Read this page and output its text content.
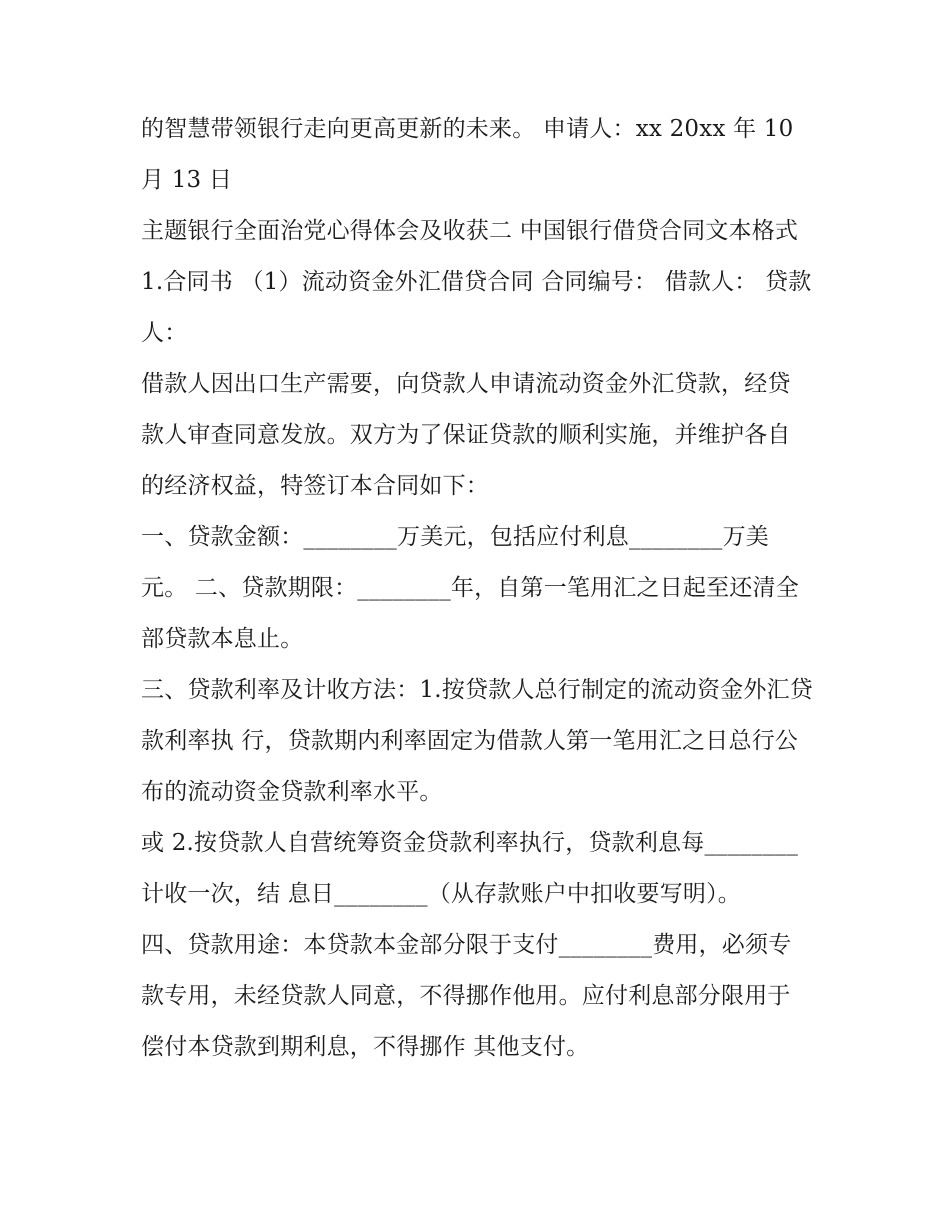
的智慧带领银行走向更高更新的未来。 申请人：xx 20xx 年 10 月 13 日

主题银行全面治党心得体会及收获二 中国银行借贷合同文本格式 1.合同书 （1）流动资金外汇借贷合同 合同编号： 借款人： 贷款人：

借款人因出口生产需要，向贷款人申请流动资金外汇贷款，经贷款人审查同意发放。双方为了保证贷款的顺利实施，并维护各自的经济权益，特签订本合同如下：

一、贷款金额：________万美元，包括应付利息________万美元。 二、贷款期限：________年，自第一笔用汇之日起至还清全部贷款本息止。

三、贷款利率及计收方法：1.按贷款人总行制定的流动资金外汇贷款利率执 行，贷款期内利率固定为借款人第一笔用汇之日总行公布的流动资金贷款利率水平。

或 2.按贷款人自营统筹资金贷款利率执行，贷款利息每________计收一次，结 息日________（从存款账户中扣收要写明）。

四、贷款用途：本贷款本金部分限于支付________费用，必须专款专用，未经贷款人同意，不得挪作他用。应付利息部分限用于偿付本贷款到期利息，不得挪作 其他支付。
